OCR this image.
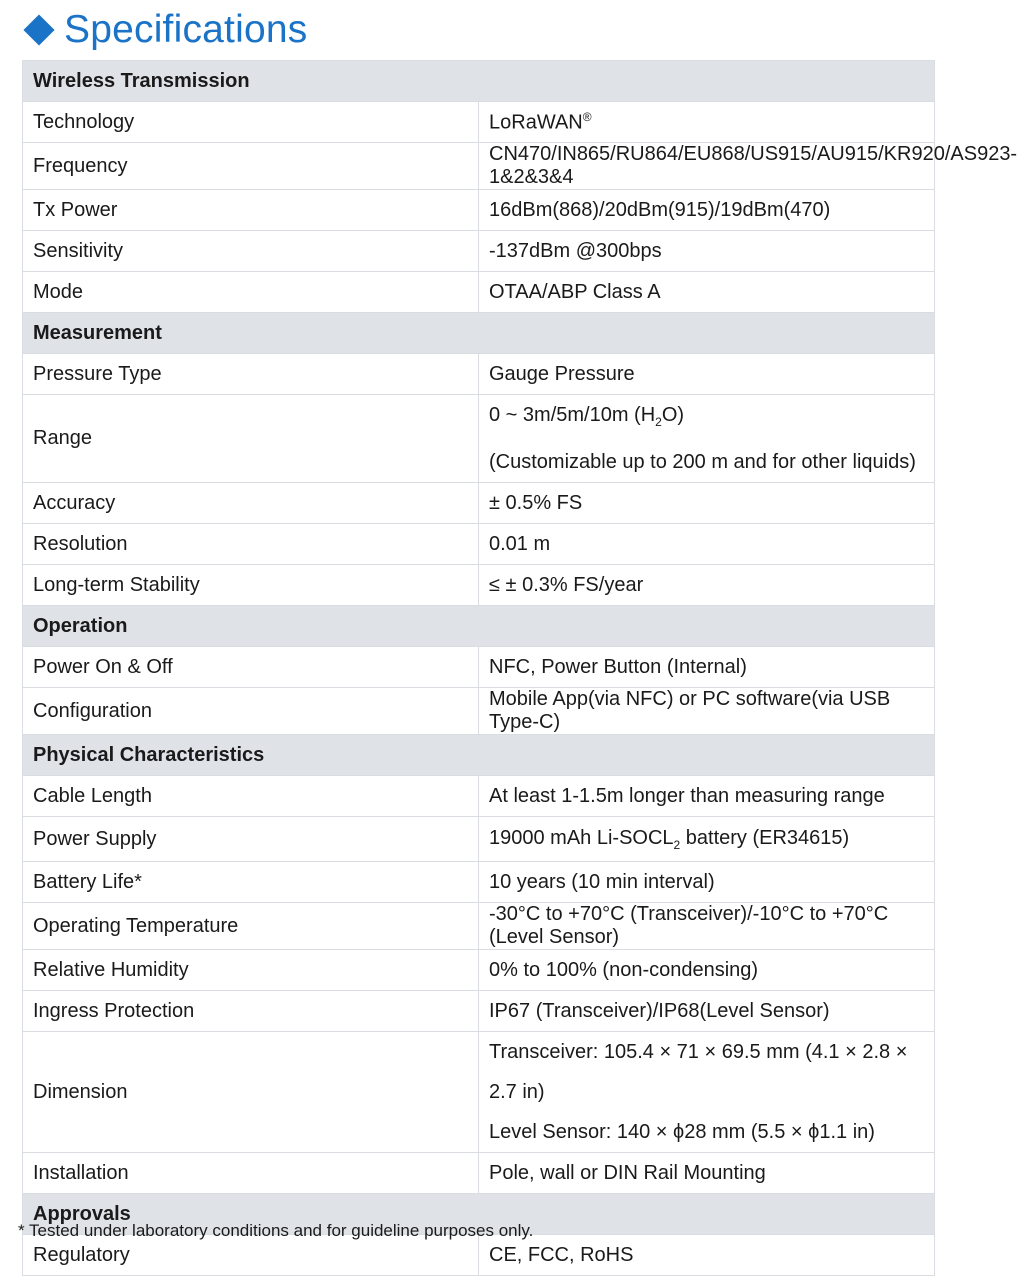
Specifications
Wireless Transmission	
Technology	LoRaWAN®
Frequency	CN470/IN865/RU864/EU868/US915/AU915/KR920/AS923-1&2&3&4
Tx Power	16dBm(868)/20dBm(915)/19dBm(470)
Sensitivity	-137dBm @300bps
Mode	OTAA/ABP Class A
Measurement	
Pressure Type	Gauge Pressure
Range	0 ~ 3m/5m/10m $(H_2O)$
(Customizable up to 200 m and for other liquids)

Accuracy	± 0.5% FS
Resolution	0.01 m
Long-term Stability	≤ ± 0.3% FS/year
Operation	
Power On & Off	NFC, Power Button (Internal)
Configuration	Mobile App(via NFC) or PC software(via USB Type-C)
Physical Characteristics	
Cable Length	At least 1-1.5m longer than measuring range
Power Supply	19000 mAh $Li-SOCL_2$ battery (ER34615)
Battery Life*	10 years (10 min interval)
Operating Temperature	-30°C to +70°C (Transceiver)/-10°C to +70°C (Level Sensor)
Relative Humidity	0% to 100% (non-condensing)
Ingress Protection	IP67 (Transceiver)/IP68(Level Sensor)
Dimension	Transceiver: 105.4 × 71 × 69.5 mm (4.1 × 2.8 × 2.7 in)
Level Sensor: 140 × ϕ28 mm (5.5 × ϕ1.1 in)

Installation	Pole, wall or DIN Rail Mounting
Approvals	
Regulatory	CE, FCC, RoHS
* Tested under laboratory conditions and for guideline purposes only.
